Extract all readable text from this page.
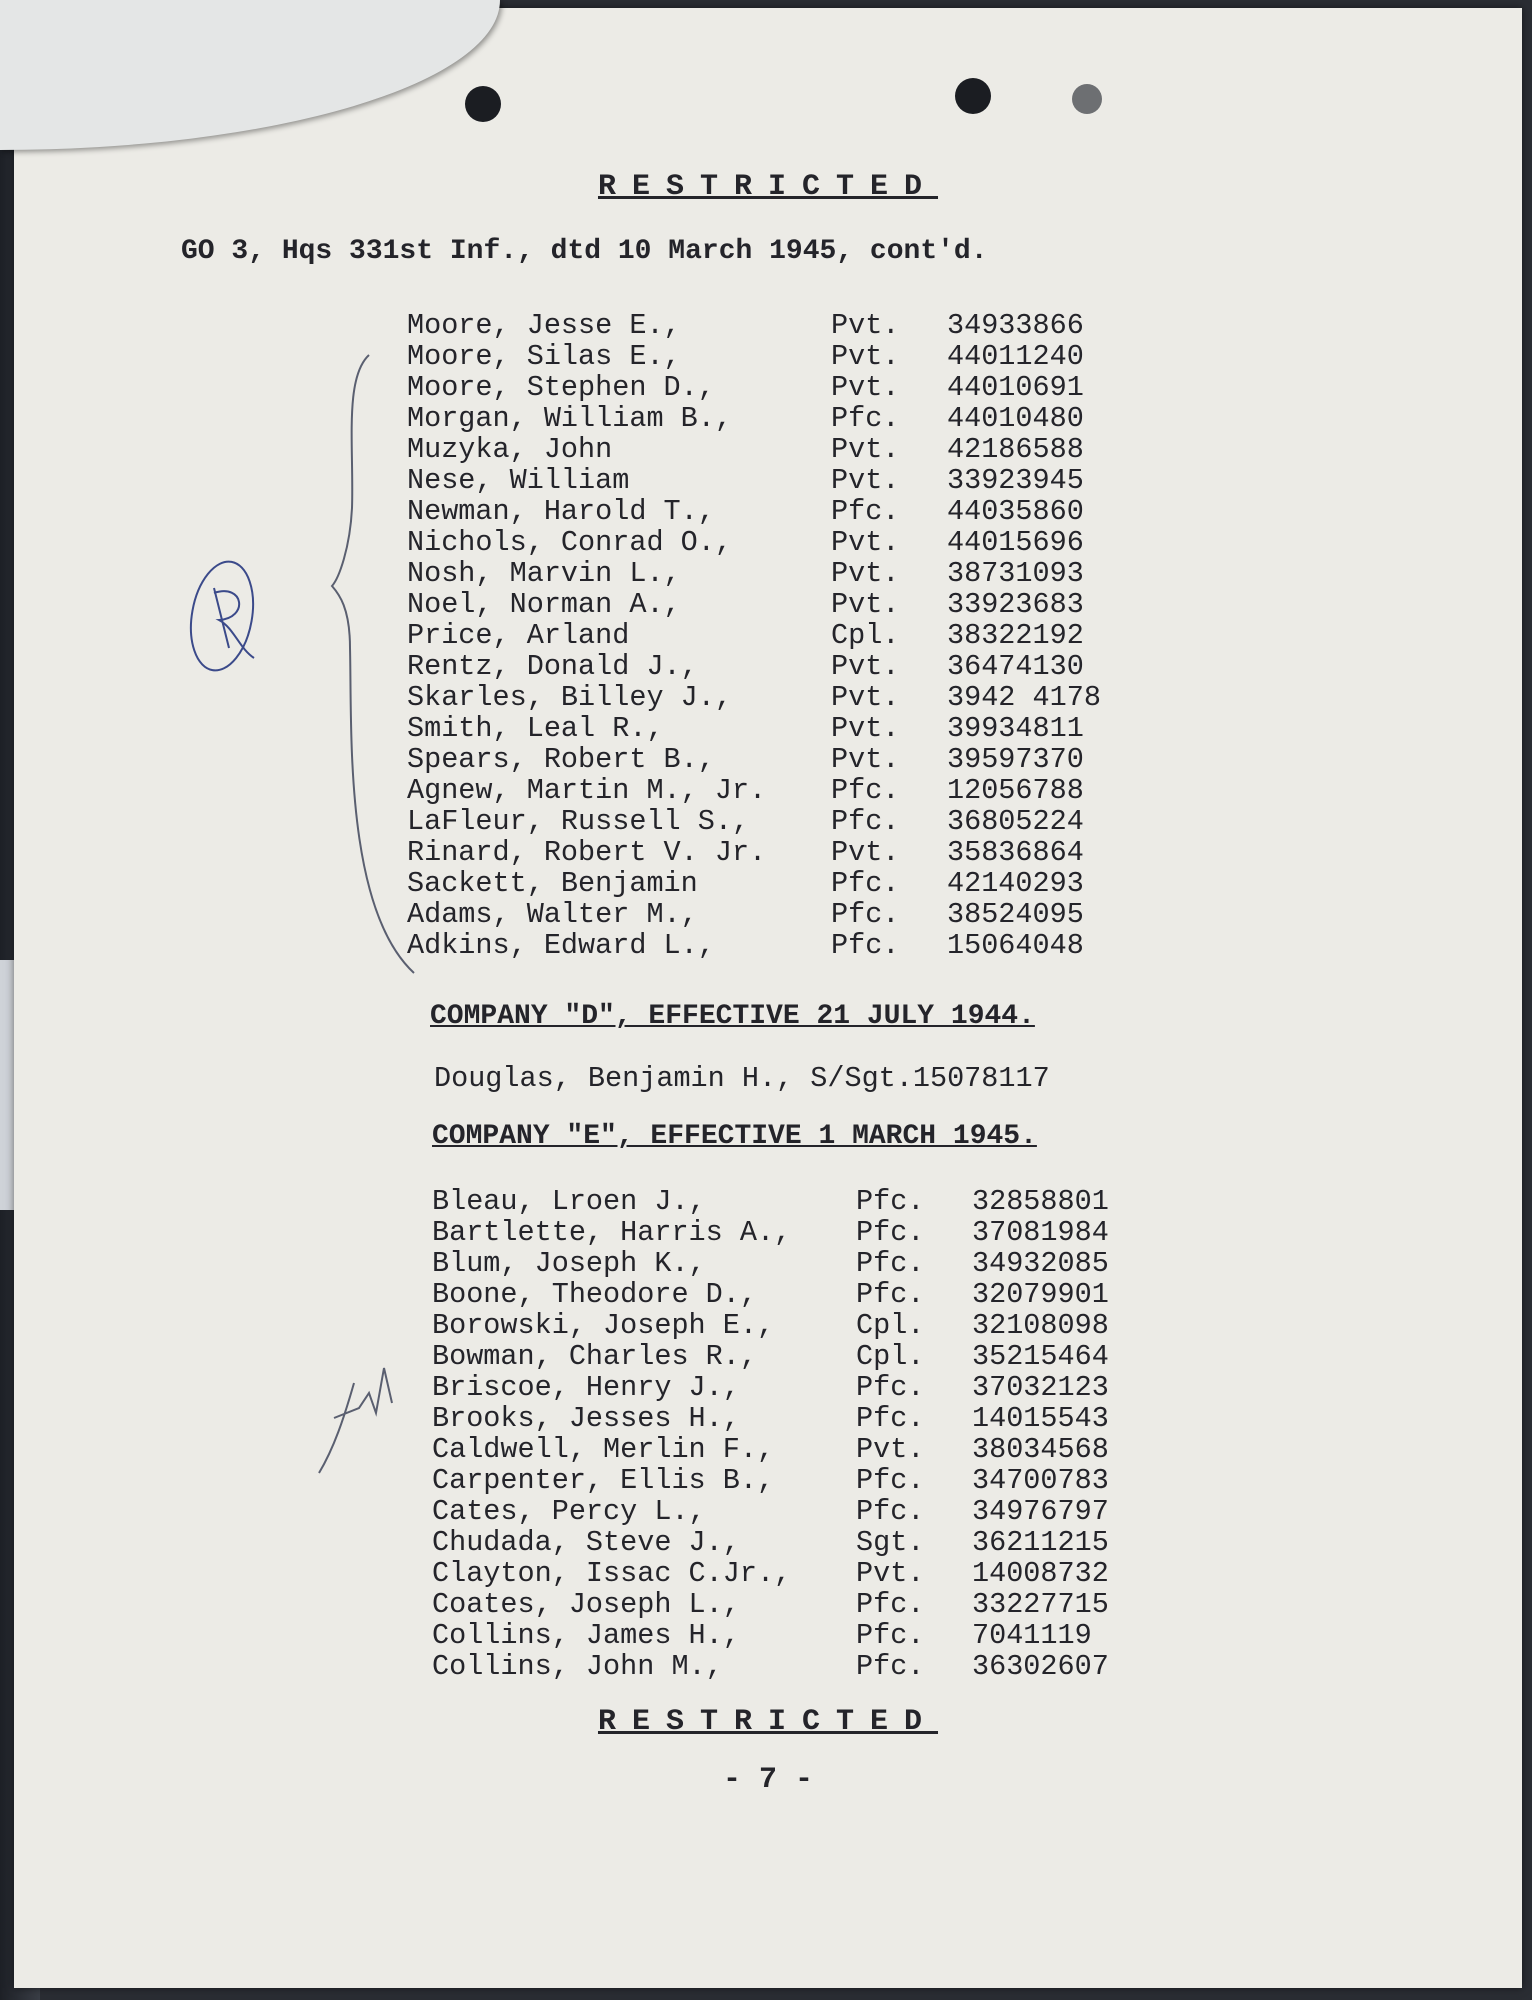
RESTRICTED
GO 3, Hqs 331st Inf., dtd 10 March 1945, cont'd.
Moore, Jesse E.,	Pvt. 34933866
Moore, Silas E.,	Pvt. 44011240
Moore, Stephen D.,	Pvt. 44010691
Morgan, William B.,	Pfc. 44010480
Muzyka, John	Pvt. 42186588
Nese, William	Pvt. 33923945
Newman, Harold T.,	Pfc. 44035860
Nichols, Conrad O.,	Pvt. 44015696
Nosh, Marvin L.,	Pvt. 38731093
Noel, Norman A.,	Pvt. 33923683
Price, Arland	Cpl. 38322192
Rentz, Donald J.,	Pvt. 36474130
Skarles, Billey J.,	Pvt. 3942 4178
Smith, Leal R.,	Pvt. 39934811
Spears, Robert B.,	Pvt. 39597370
Agnew, Martin M., Jr. Pfc. 12056788
LaFleur, Russell S.,	Pfc. 36805224
Rinard, Robert V. Jr. Pvt. 35836864
Sackett, Benjamin	Pfc. 42140293
Adams, Walter M.,	Pfc. 38524095
Adkins, Edward L.,	Pfc. 15064048
COMPANY "D", EFFECTIVE 21 JULY 1944.
Douglas, Benjamin H., S/Sgt.15078117
COMPANY "E", EFFECTIVE 1 MARCH 1945.
Bleau, Lroen J.,	Pfc. 32858801
Bartlette, Harris A., Pfc. 37081984
Blum, Joseph K.,	Pfc. 34932085
Boone, Theodore D.,	Pfc. 32079901
Borowski, Joseph E.,	Cpl. 32108098
Bowman, Charles R.,	Cpl. 35215464
Briscoe, Henry J.,	Pfc. 37032123
Brooks, Jesses H.,	Pfc. 14015543
Caldwell, Merlin F.,	Pvt. 38034568
Carpenter, Ellis B.,	Pfc. 34700783
Cates, Percy L.,	Pfc. 34976797
Chudada, Steve J.,	Sgt. 36211215
Clayton, Issac C.Jr., Pvt. 14008732
Coates, Joseph L.,	Pfc. 33227715
Collins, James H.,	Pfc. 7041119
Collins, John M.,	Pfc. 36302607
RESTRICTED
- 7 -
